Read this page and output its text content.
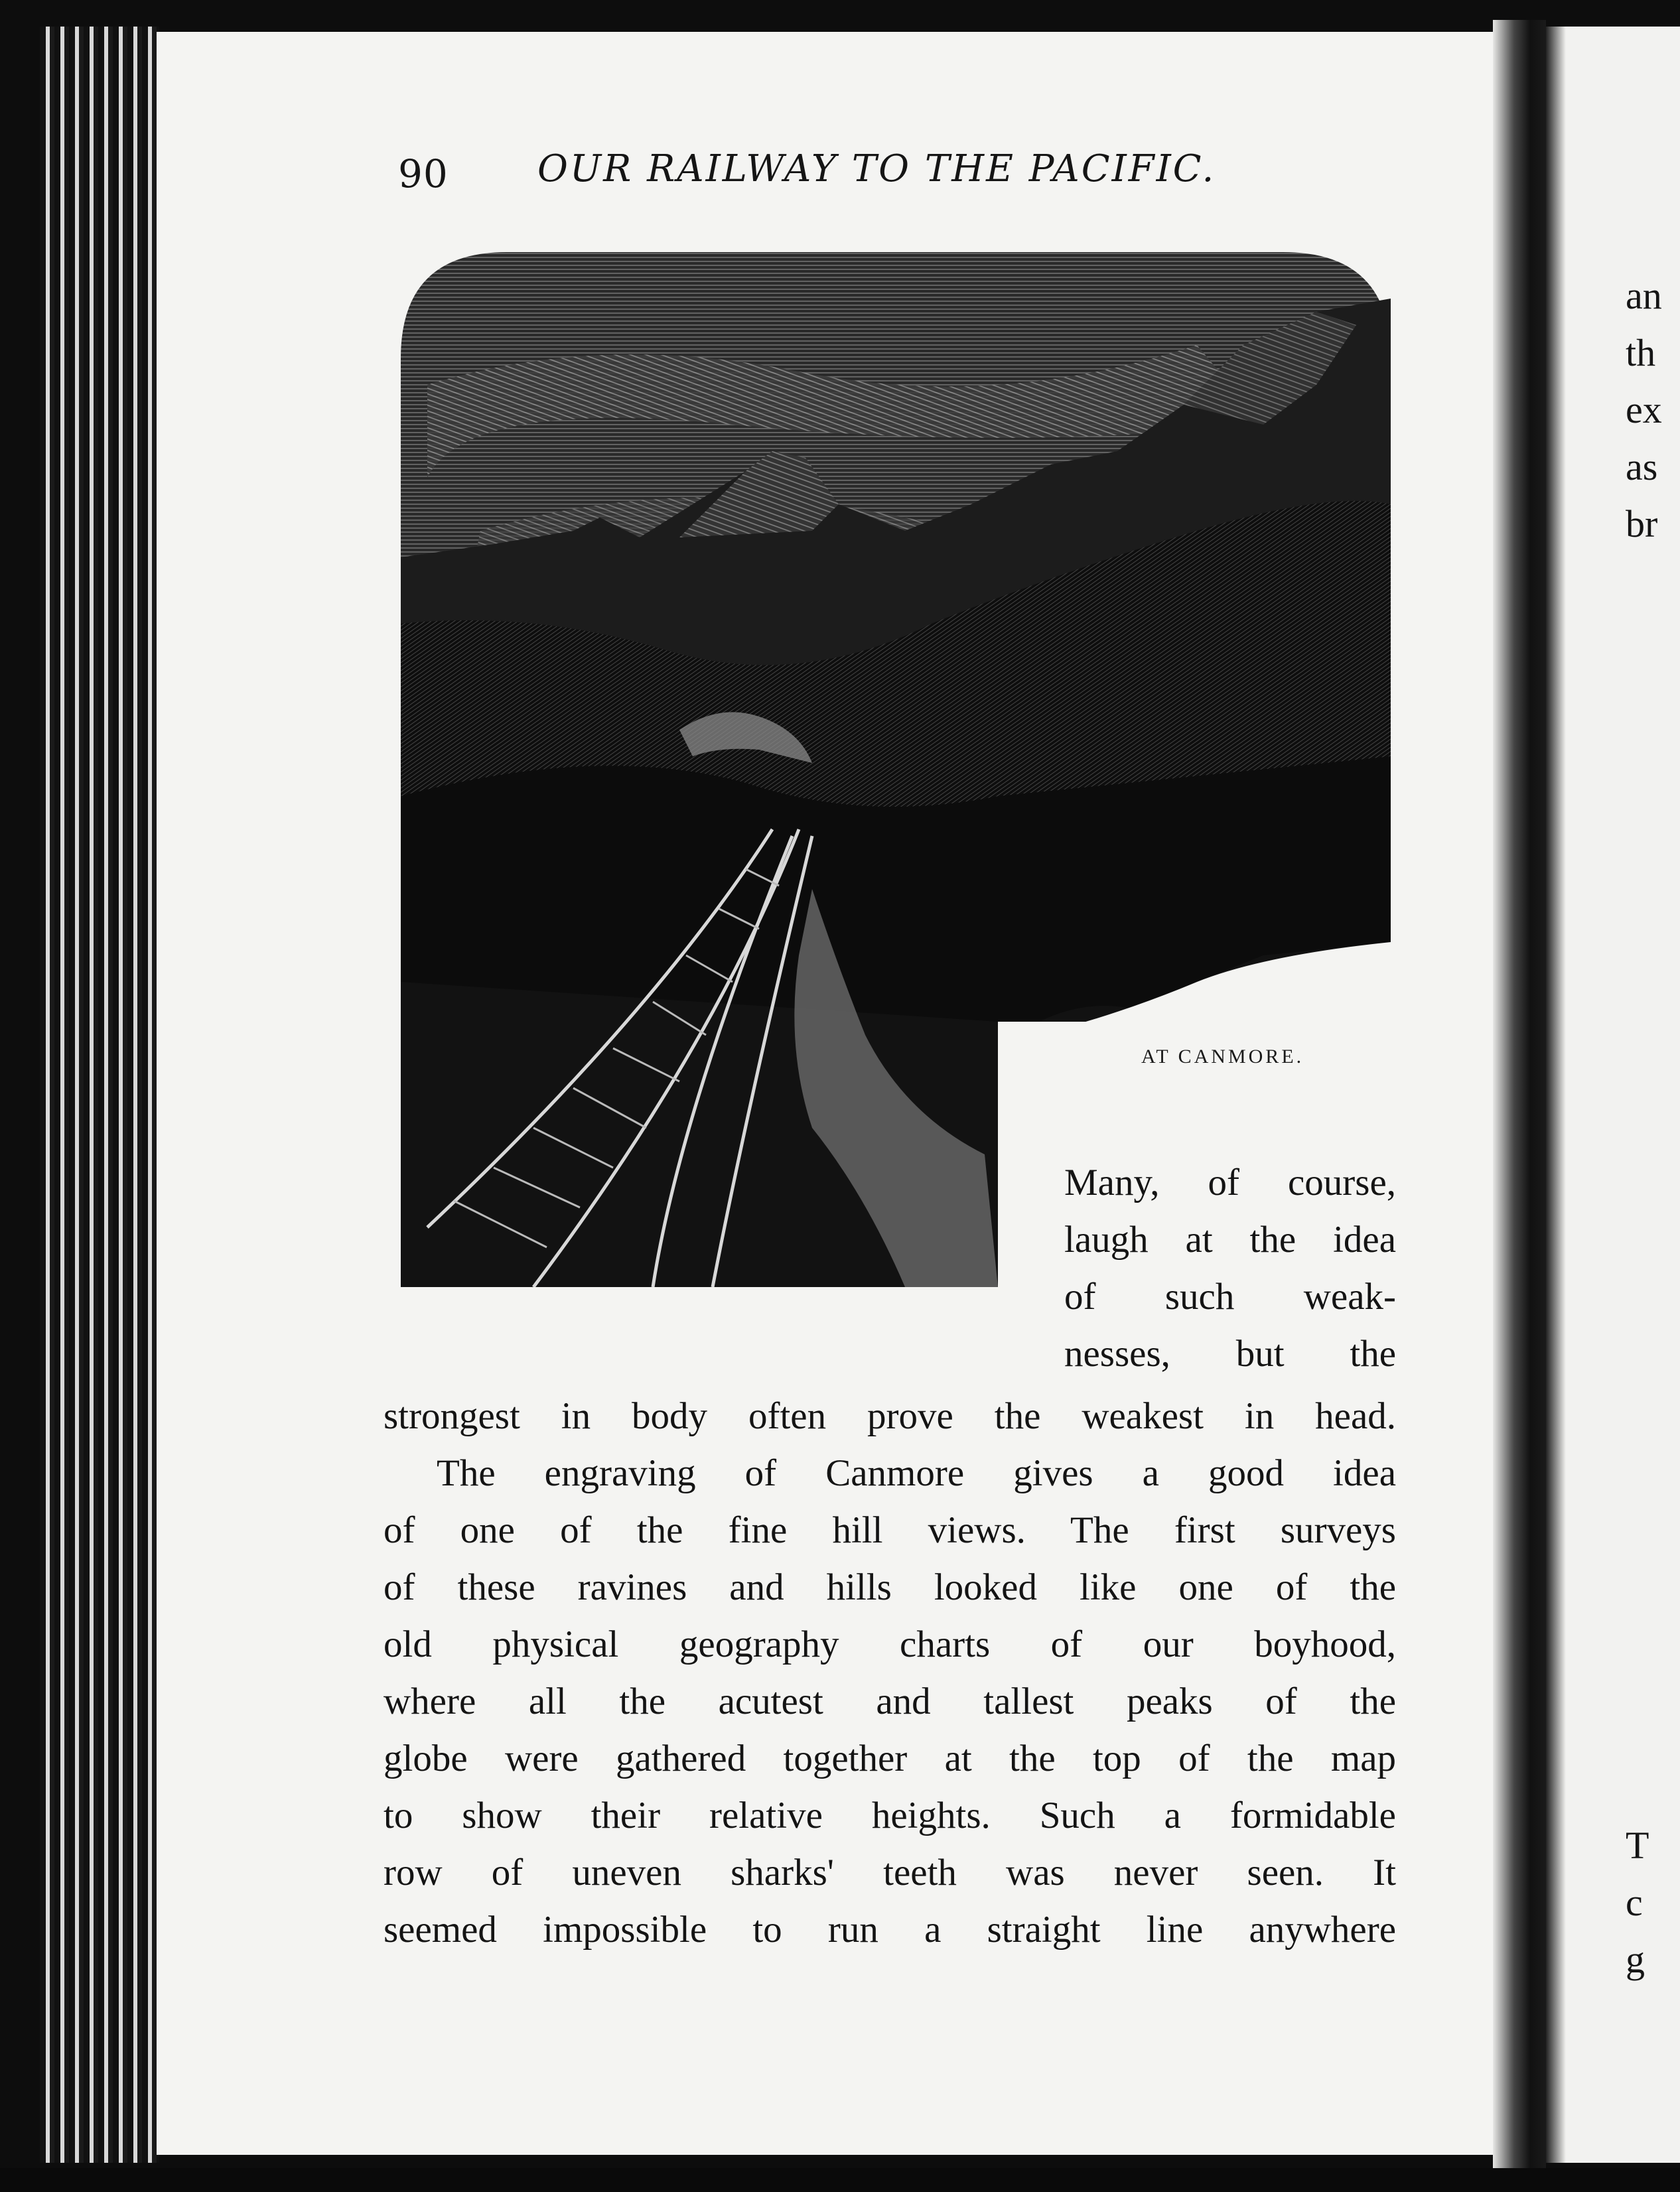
an
th
ex
as
br
T
c
g
90 OUR RAILWAY TO THE PACIFIC.
AT CANMORE.
Many, of course,
laugh at the idea
of such weak-
nesses, but the
strongest in body often prove the weakest in head.
The engraving of Canmore gives a good idea
of one of the fine hill views. The first surveys
of these ravines and hills looked like one of the
old physical geography charts of our boyhood,
where all the acutest and tallest peaks of the
globe were gathered together at the top of the map
to show their relative heights. Such a formidable
row of uneven sharks' teeth was never seen. It
seemed impossible to run a straight line anywhere
